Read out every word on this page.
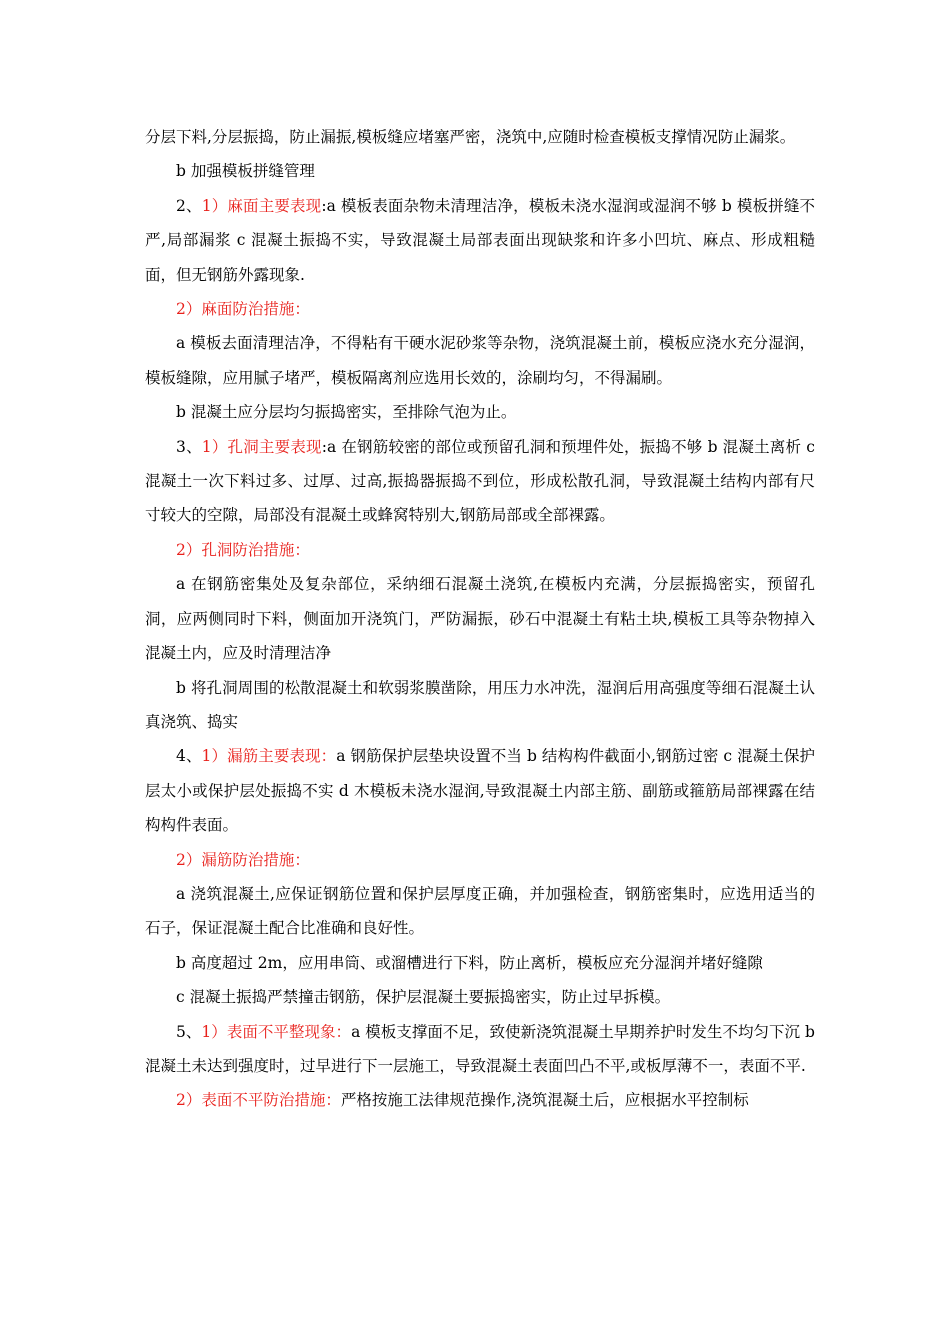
分层下料,分层振捣，防止漏振,模板缝应堵塞严密，浇筑中,应随时检查模板支撑情况防止漏浆。

b 加强模板拼缝管理

2、1）麻面主要表现:a 模板表面杂物未清理洁净，模板未浇水湿润或湿润不够 b 模板拼缝不严,局部漏浆 c 混凝土振捣不实，导致混凝土局部表面出现缺浆和许多小凹坑、麻点、形成粗糙面，但无钢筋外露现象.

2）麻面防治措施：

a 模板去面清理洁净，不得粘有干硬水泥砂浆等杂物，浇筑混凝土前，模板应浇水充分湿润，模板缝隙，应用腻子堵严，模板隔离剂应选用长效的，涂刷均匀，不得漏刷。

b 混凝土应分层均匀振捣密实，至排除气泡为止。

3、1）孔洞主要表现:a 在钢筋较密的部位或预留孔洞和预埋件处，振捣不够 b 混凝土离析 c 混凝土一次下料过多、过厚、过高,振捣器振捣不到位，形成松散孔洞，导致混凝土结构内部有尺寸较大的空隙，局部没有混凝土或蜂窝特别大,钢筋局部或全部裸露。

2）孔洞防治措施：

a 在钢筋密集处及复杂部位，采纳细石混凝土浇筑,在模板内充满，分层振捣密实，预留孔洞，应两侧同时下料，侧面加开浇筑门，严防漏振，砂石中混凝土有粘土块,模板工具等杂物掉入混凝土内，应及时清理洁净

b 将孔洞周围的松散混凝土和软弱浆膜凿除，用压力水冲洗，湿润后用高强度等细石混凝土认真浇筑、捣实

4、1）漏筋主要表现：a 钢筋保护层垫块设置不当 b 结构构件截面小,钢筋过密 c 混凝土保护层太小或保护层处振捣不实 d 木模板未浇水湿润,导致混凝土内部主筋、副筋或箍筋局部裸露在结构构件表面。

2）漏筋防治措施：

a 浇筑混凝土,应保证钢筋位置和保护层厚度正确，并加强检查，钢筋密集时，应选用适当的石子，保证混凝土配合比准确和良好性。

b 高度超过 2m，应用串筒、或溜槽进行下料，防止离析，模板应充分湿润并堵好缝隙

c 混凝土振捣严禁撞击钢筋，保护层混凝土要振捣密实，防止过早拆模。

5、1）表面不平整现象：a 模板支撑面不足，致使新浇筑混凝土早期养护时发生不均匀下沉 b 混凝土未达到强度时，过早进行下一层施工，导致混凝土表面凹凸不平,或板厚薄不一，表面不平.

2）表面不平防治措施：严格按施工法律规范操作,浇筑混凝土后，应根据水平控制标
